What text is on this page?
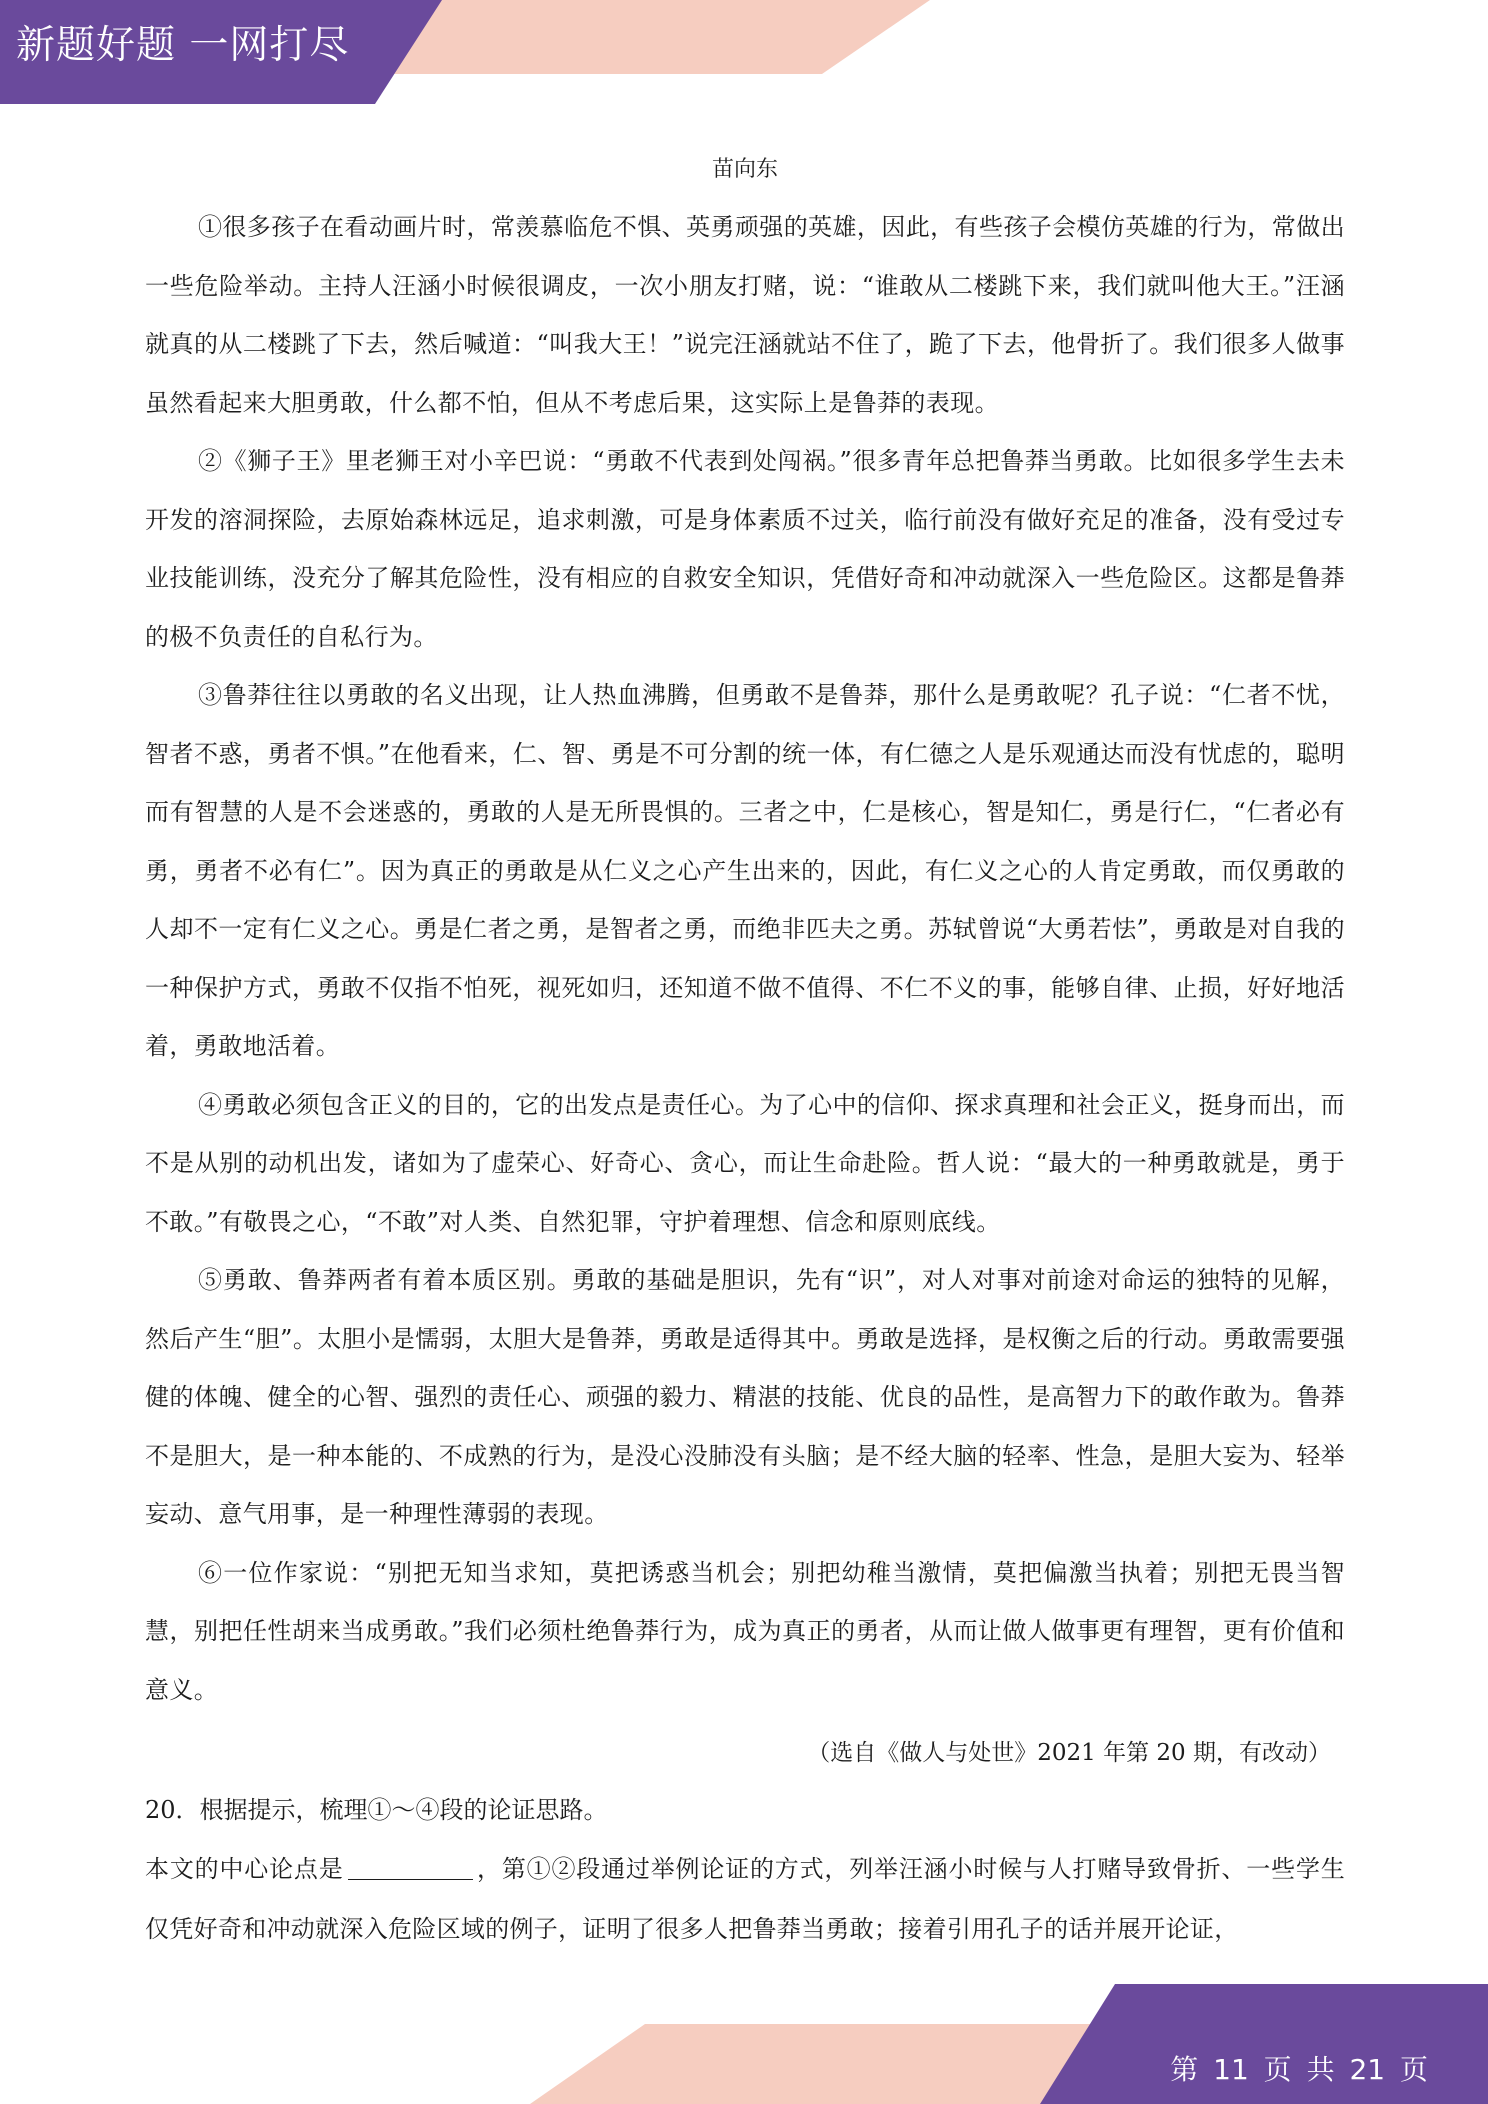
新题好题 一网打尽
苗向东

①很多孩子在看动画片时，常羡慕临危不惧、英勇顽强的英雄，因此，有些孩子会模仿英雄的行为，常做出一些危险举动。主持人汪涵小时候很调皮，一次小朋友打赌，说：“谁敢从二楼跳下来，我们就叫他大王。”汪涵就真的从二楼跳了下去，然后喊道：“叫我大王！”说完汪涵就站不住了，跪了下去，他骨折了。我们很多人做事虽然看起来大胆勇敢，什么都不怕，但从不考虑后果，这实际上是鲁莽的表现。

②《狮子王》里老狮王对小辛巴说：“勇敢不代表到处闯祸。”很多青年总把鲁莽当勇敢。比如很多学生去未开发的溶洞探险，去原始森林远足，追求刺激，可是身体素质不过关，临行前没有做好充足的准备，没有受过专业技能训练，没充分了解其危险性，没有相应的自救安全知识，凭借好奇和冲动就深入一些危险区。这都是鲁莽的极不负责任的自私行为。

③鲁莽往往以勇敢的名义出现，让人热血沸腾，但勇敢不是鲁莽，那什么是勇敢呢？孔子说：“仁者不忧，智者不惑，勇者不惧。”在他看来，仁、智、勇是不可分割的统一体，有仁德之人是乐观通达而没有忧虑的，聪明而有智慧的人是不会迷惑的，勇敢的人是无所畏惧的。三者之中，仁是核心，智是知仁，勇是行仁，“仁者必有勇，勇者不必有仁”。因为真正的勇敢是从仁义之心产生出来的，因此，有仁义之心的人肯定勇敢，而仅勇敢的人却不一定有仁义之心。勇是仁者之勇，是智者之勇，而绝非匹夫之勇。苏轼曾说“大勇若怯”，勇敢是对自我的一种保护方式，勇敢不仅指不怕死，视死如归，还知道不做不值得、不仁不义的事，能够自律、止损，好好地活着，勇敢地活着。

④勇敢必须包含正义的目的，它的出发点是责任心。为了心中的信仰、探求真理和社会正义，挺身而出，而不是从别的动机出发，诸如为了虚荣心、好奇心、贪心，而让生命赴险。哲人说：“最大的一种勇敢就是，勇于不敢。”有敬畏之心，“不敢”对人类、自然犯罪，守护着理想、信念和原则底线。

⑤勇敢、鲁莽两者有着本质区别。勇敢的基础是胆识，先有“识”，对人对事对前途对命运的独特的见解，然后产生“胆”。太胆小是懦弱，太胆大是鲁莽，勇敢是适得其中。勇敢是选择，是权衡之后的行动。勇敢需要强健的体魄、健全的心智、强烈的责任心、顽强的毅力、精湛的技能、优良的品性，是高智力下的敢作敢为。鲁莽不是胆大，是一种本能的、不成熟的行为，是没心没肺没有头脑；是不经大脑的轻率、性急，是胆大妄为、轻举妄动、意气用事，是一种理性薄弱的表现。

⑥一位作家说：“别把无知当求知，莫把诱惑当机会；别把幼稚当激情，莫把偏激当执着；别把无畏当智慧，别把任性胡来当成勇敢。”我们必须杜绝鲁莽行为，成为真正的勇者，从而让做人做事更有理智，更有价值和意义。

（选自《做人与处世》2021 年第 20 期，有改动）

20．根据提示，梳理①～④段的论证思路。

本文的中心论点是	，第①②段通过举例论证的方式，列举汪涵小时候与人打赌导致骨折、一些学生仅凭好奇和冲动就深入危险区域的例子，证明了很多人把鲁莽当勇敢；接着引用孔子的话并展开论证，

第 11 页 共 21 页
